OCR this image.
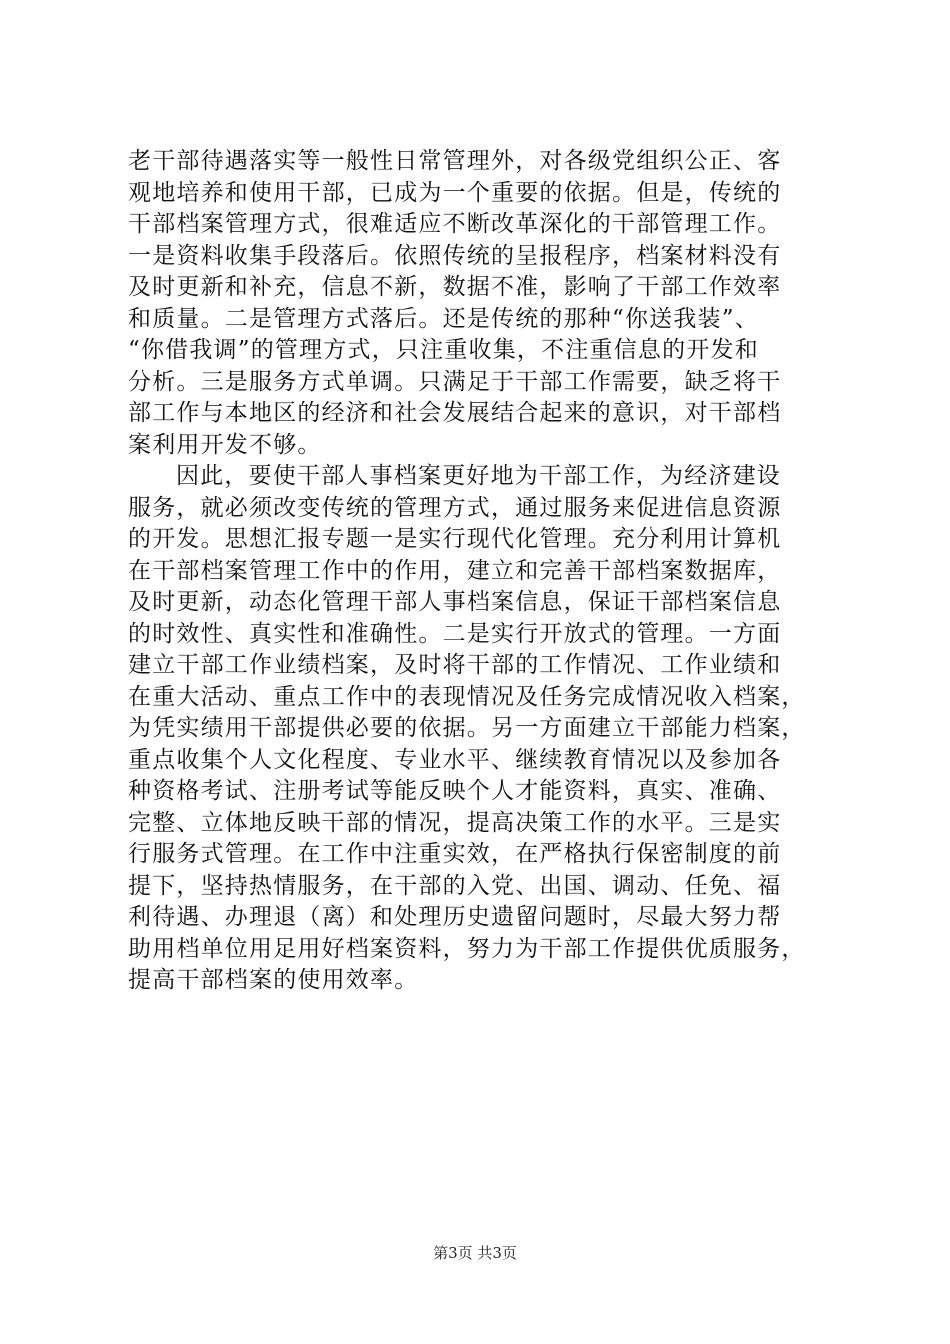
老干部待遇落实等一般性日常管理外，对各级党组织公正、客
观地培养和使用干部，已成为一个重要的依据。但是，传统的
干部档案管理方式，很难适应不断改革深化的干部管理工作。
一是资料收集手段落后。依照传统的呈报程序，档案材料没有
及时更新和补充，信息不新，数据不准，影响了干部工作效率
和质量。二是管理方式落后。还是传统的那种“你送我装”、
“你借我调”的管理方式，只注重收集，不注重信息的开发和
分析。三是服务方式单调。只满足于干部工作需要，缺乏将干
部工作与本地区的经济和社会发展结合起来的意识，对干部档
案利用开发不够。
因此，要使干部人事档案更好地为干部工作，为经济建设
服务，就必须改变传统的管理方式，通过服务来促进信息资源
的开发。思想汇报专题一是实行现代化管理。充分利用计算机
在干部档案管理工作中的作用，建立和完善干部档案数据库，
及时更新，动态化管理干部人事档案信息，保证干部档案信息
的时效性、真实性和准确性。二是实行开放式的管理。一方面
建立干部工作业绩档案，及时将干部的工作情况、工作业绩和
在重大活动、重点工作中的表现情况及任务完成情况收入档案，
为凭实绩用干部提供必要的依据。另一方面建立干部能力档案，
重点收集个人文化程度、专业水平、继续教育情况以及参加各
种资格考试、注册考试等能反映个人才能资料，真实、准确、
完整、立体地反映干部的情况，提高决策工作的水平。三是实
行服务式管理。在工作中注重实效，在严格执行保密制度的前
提下，坚持热情服务，在干部的入党、出国、调动、任免、福
利待遇、办理退（离）和处理历史遗留问题时，尽最大努力帮
助用档单位用足用好档案资料，努力为干部工作提供优质服务，
提高干部档案的使用效率。
第3页 共3页
